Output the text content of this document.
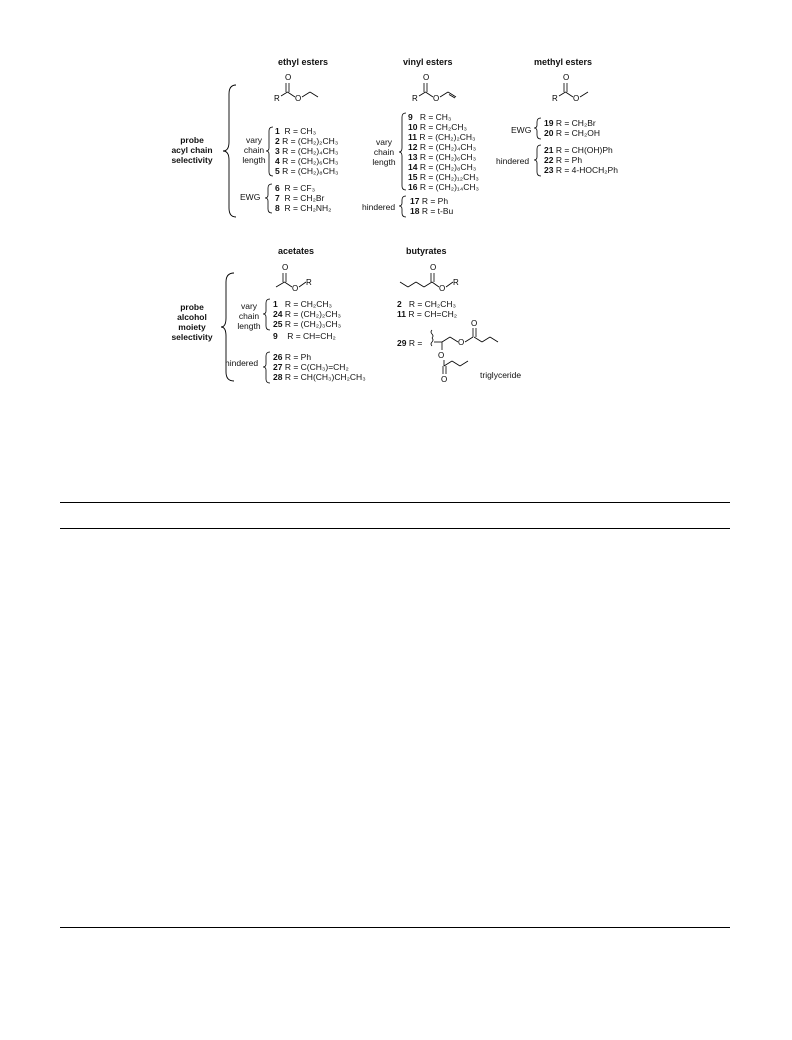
ethyl esters	vinyl esters	methyl esters
O
R O
O
R O
O
R O
probe
acyl chain
selectivity
vary
chain
length
1 R = CH₃
2 R = (CH₂)₂CH₃
3 R = (CH₂)₄CH₃
4 R = (CH₂)₆CH₃
5 R = (CH₂)₈CH₃
EWG
6 R = CF₃
7 R = CH₂Br
8 R = CH₂NH₂
vary
chain
length
9 R = CH₃
10 R = CH₂CH₃
11 R = (CH₂)₂CH₃
12 R = (CH₂)₄CH₃
13 R = (CH₂)₆CH₃
14 R = (CH₂)₈CH₃
15 R = (CH₂)₁₂CH₃
16 R = (CH₂)₁₄CH₃
hindered
17 R = Ph
18 R = t-Bu
EWG
19 R = CH₂Br
20 R = CH₂OH
hindered
21 R = CH(OH)Ph
22 R = Ph
23 R = 4-HOCH₂Ph
acetates	butyrates
O
O
R
O
O
R
probe
alcohol
moiety
selectivity
vary
chain
length
1 R = CH₂CH₃
24 R = (CH₂)₂CH₃
25 R = (CH₂)₃CH₃
9 R = CH=CH₂
hindered
26 R = Ph
27 R = C(CH₃)=CH₂
28 R = CH(CH₃)CH₂CH₃
2 R = CH₂CH₃
11 R = CH=CH₂
29 R =	O
O
O
O	triglyceride
